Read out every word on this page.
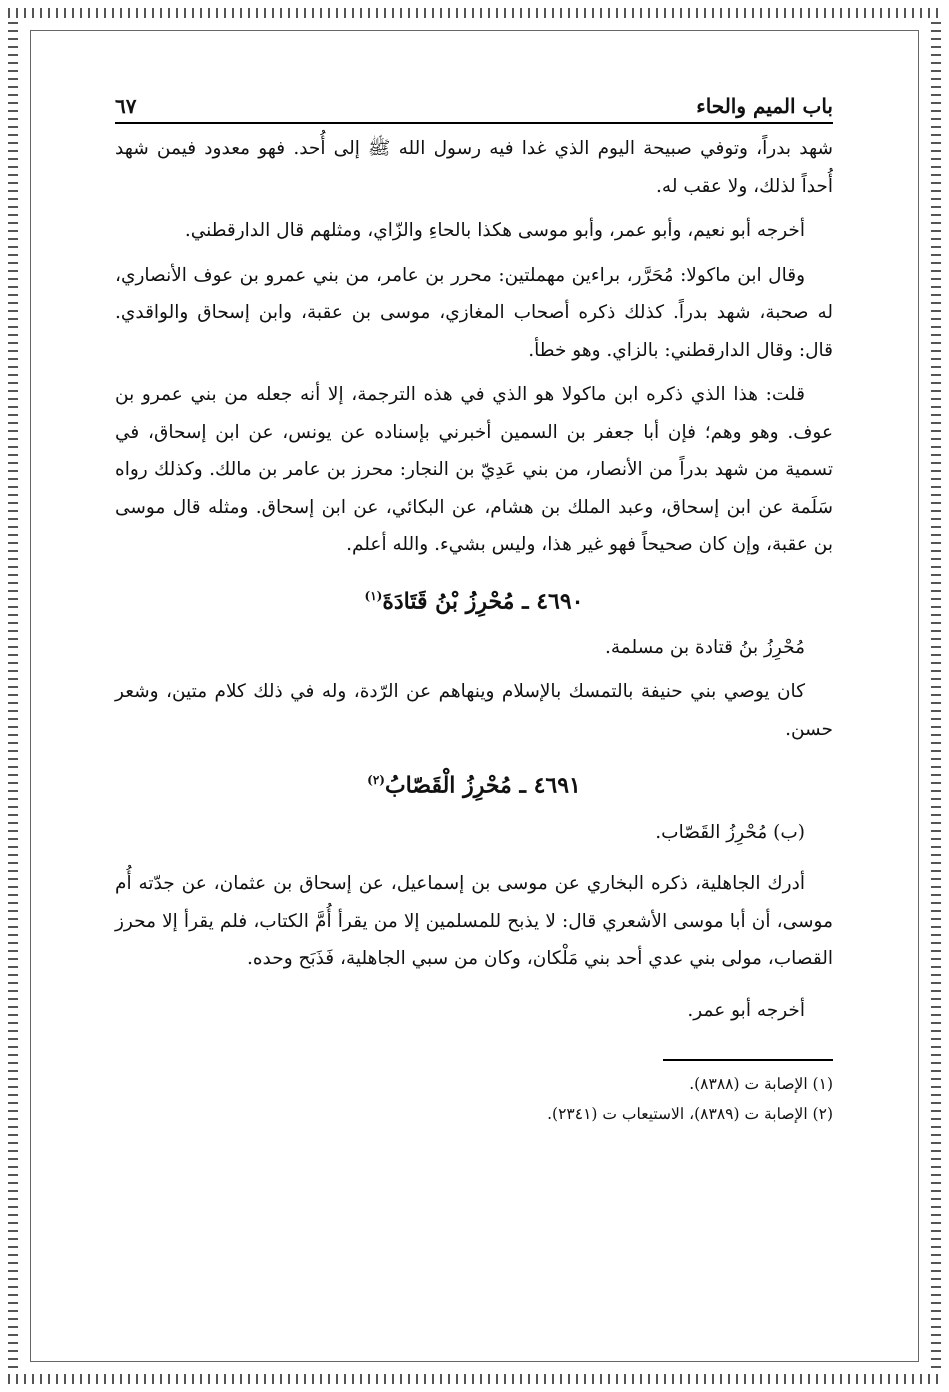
باب الميم والحاء
٦٧

شهد بدراً، وتوفي صبيحة اليوم الذي غدا فيه رسول الله ﷺ إلى أُحد. فهو معدود فيمن شهد أُحداً لذلك، ولا عقب له.

أخرجه أبو نعيم، وأبو عمر، وأبو موسى هكذا بالحاءِ والزّاي، ومثلهم قال الدارقطني.

وقال ابن ماكولا: مُحَرَّر، براءين مهملتين: محرر بن عامر، من بني عمرو بن عوف الأنصاري، له صحبة، شهد بدراً. كذلك ذكره أصحاب المغازي، موسى بن عقبة، وابن إسحاق والواقدي. قال: وقال الدارقطني: بالزاي. وهو خطأ.

قلت: هذا الذي ذكره ابن ماكولا هو الذي في هذه الترجمة، إلا أنه جعله من بني عمرو بن عوف. وهو وهم؛ فإن أبا جعفر بن السمين أخبرني بإسناده عن يونس، عن ابن إسحاق، في تسمية من شهد بدراً من الأنصار، من بني عَدِيّ بن النجار: محرز بن عامر بن مالك. وكذلك رواه سَلَمة عن ابن إسحاق، وعبد الملك بن هشام، عن البكائي، عن ابن إسحاق. ومثله قال موسى بن عقبة، وإن كان صحيحاً فهو غير هذا، وليس بشيء. والله أعلم.

٤٦٩٠ ـ مُحْرِزُ بْنُ قَتَادَةَ$^{(١)}$

مُحْرِزُ بنُ قتادة بن مسلمة.

كان يوصي بني حنيفة بالتمسك بالإسلام وينهاهم عن الرّدة، وله في ذلك كلام متين، وشعر حسن.

٤٦٩١ ـ مُحْرِزُ الْقَصّابُ$^{(٢)}$

(ب) مُحْرِزُ القَصّاب.

أدرك الجاهلية، ذكره البخاري عن موسى بن إسماعيل، عن إسحاق بن عثمان، عن جدّته أُم موسى، أن أبا موسى الأشعري قال: لا يذبح للمسلمين إلا من يقرأ أُمَّ الكتاب، فلم يقرأ إلا محرز القصاب، مولى بني عدي أحد بني مَلْكان، وكان من سبي الجاهلية، فَذَبَح وحده.

أخرجه أبو عمر.

(١) الإصابة ت (٨٣٨٨).

(٢) الإصابة ت (٨٣٨٩)، الاستيعاب ت (٢٣٤١).
